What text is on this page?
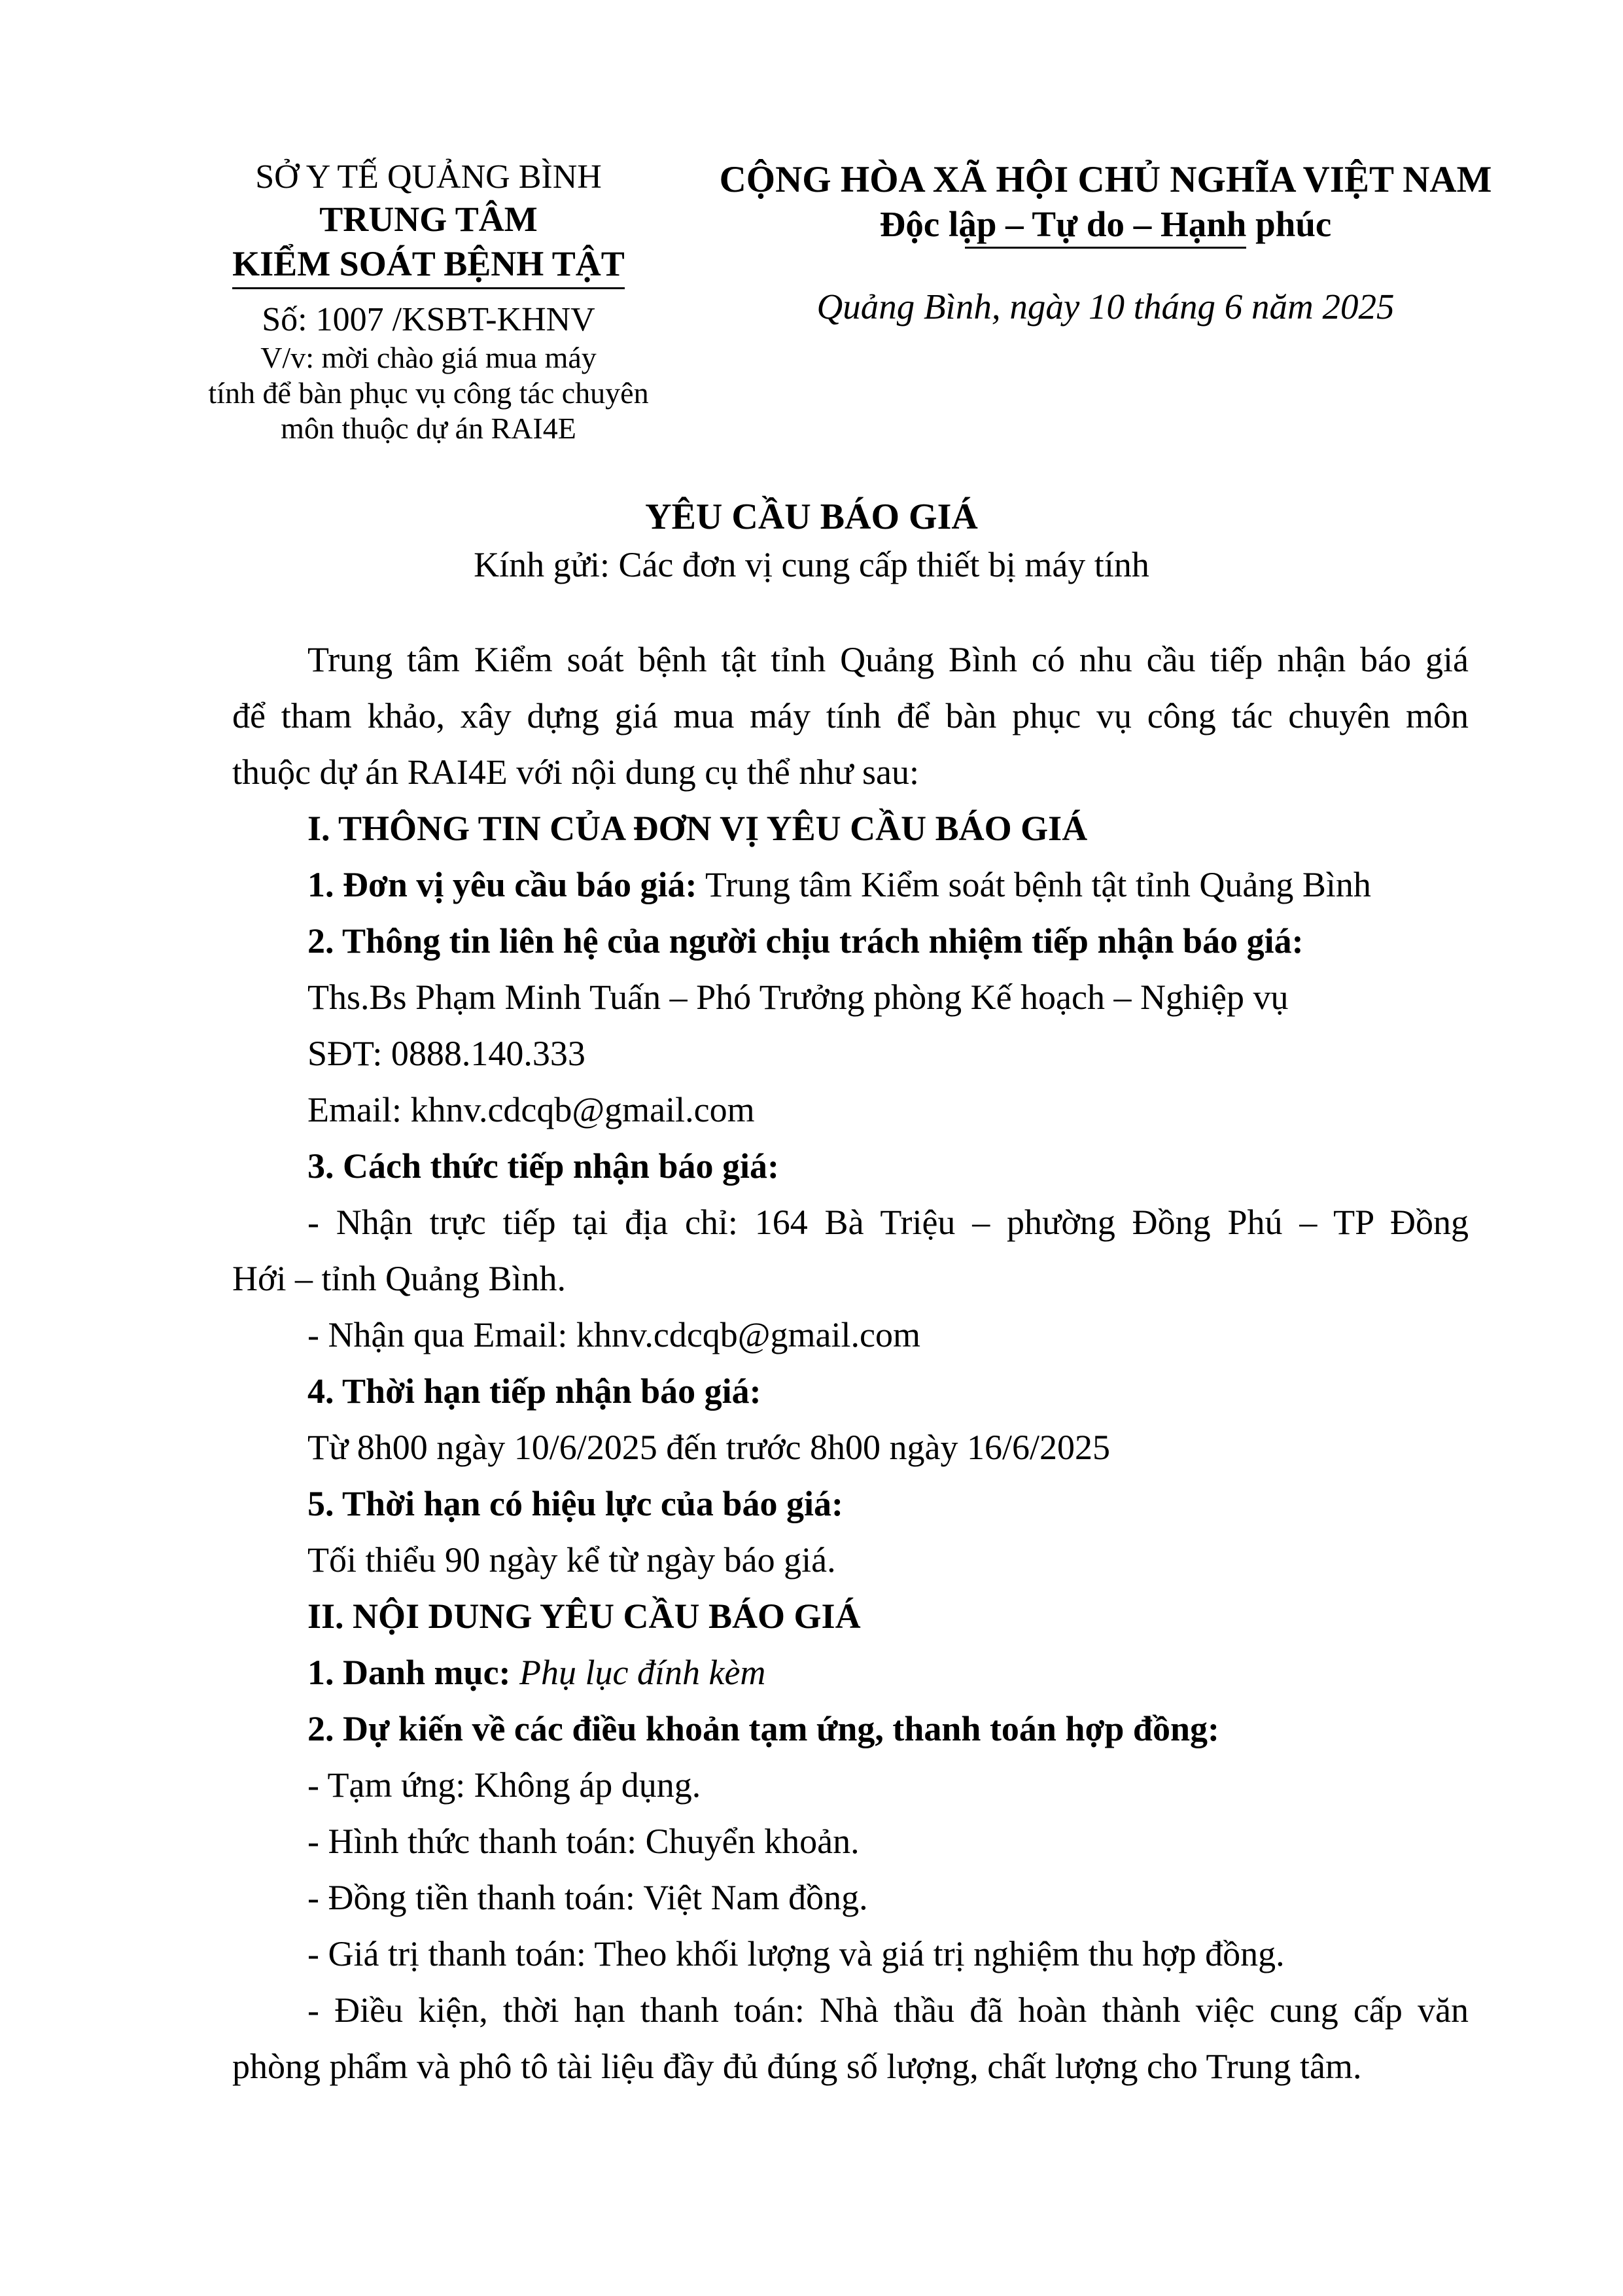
SỞ Y TẾ QUẢNG BÌNH
TRUNG TÂM
KIỂM SOÁT BỆNH TẬT
Số: 1007 /KSBT-KHNV
V/v: mời chào giá mua máy
tính để bàn phục vụ công tác chuyên
môn thuộc dự án RAI4E
CỘNG HÒA XÃ HỘI CHỦ NGHĨA VIỆT NAM
Độc lập – Tự do – Hạnh phúc
Quảng Bình, ngày 10 tháng 6 năm 2025
YÊU CẦU BÁO GIÁ
Kính gửi: Các đơn vị cung cấp thiết bị máy tính

Trung tâm Kiểm soát bệnh tật tỉnh Quảng Bình có nhu cầu tiếp nhận báo giá

để tham khảo, xây dựng giá mua máy tính để bàn phục vụ công tác chuyên môn

thuộc dự án RAI4E với nội dung cụ thể như sau:

I. THÔNG TIN CỦA ĐƠN VỊ YÊU CẦU BÁO GIÁ

1. Đơn vị yêu cầu báo giá: Trung tâm Kiểm soát bệnh tật tỉnh Quảng Bình

2. Thông tin liên hệ của người chịu trách nhiệm tiếp nhận báo giá:

Ths.Bs Phạm Minh Tuấn – Phó Trưởng phòng Kế hoạch – Nghiệp vụ

SĐT: 0888.140.333

Email: khnv.cdcqb@gmail.com

3. Cách thức tiếp nhận báo giá:

- Nhận trực tiếp tại địa chỉ: 164 Bà Triệu – phường Đồng Phú – TP Đồng

Hới – tỉnh Quảng Bình.

- Nhận qua Email: khnv.cdcqb@gmail.com

4. Thời hạn tiếp nhận báo giá:

Từ 8h00 ngày 10/6/2025 đến trước 8h00 ngày 16/6/2025

5. Thời hạn có hiệu lực của báo giá:

Tối thiểu 90 ngày kể từ ngày báo giá.

II. NỘI DUNG YÊU CẦU BÁO GIÁ

1. Danh mục: Phụ lục đính kèm

2. Dự kiến về các điều khoản tạm ứng, thanh toán hợp đồng:

- Tạm ứng: Không áp dụng.

- Hình thức thanh toán: Chuyển khoản.

- Đồng tiền thanh toán: Việt Nam đồng.

- Giá trị thanh toán: Theo khối lượng và giá trị nghiệm thu hợp đồng.

- Điều kiện, thời hạn thanh toán: Nhà thầu đã hoàn thành việc cung cấp văn

phòng phẩm và phô tô tài liệu đầy đủ đúng số lượng, chất lượng cho Trung tâm.
